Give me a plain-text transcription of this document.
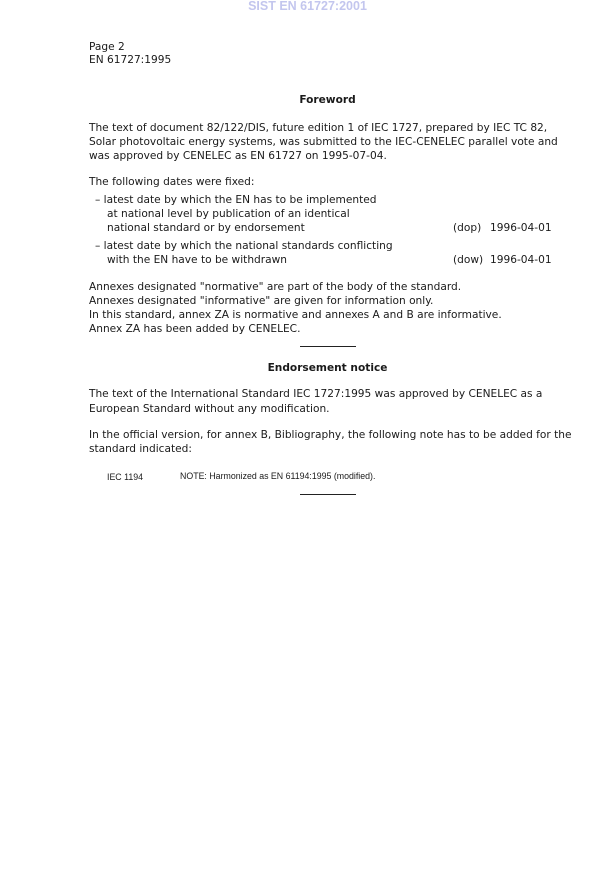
SIST EN 61727:2001
Page 2
EN 61727:1995
Foreword
The text of document 82/122/DIS, future edition 1 of IEC 1727, prepared by IEC TC 82,
Solar photovoltaic energy systems, was submitted to the IEC-CENELEC parallel vote and
was approved by CENELEC as EN 61727 on 1995-07-04.
The following dates were fixed:
– latest date by which the EN has to be implemented
at national level by publication of an identical
national standard or by endorsement	(dop) 1996-04-01
– latest date by which the national standards conflicting
with the EN have to be withdrawn	(dow) 1996-04-01
Annexes designated "normative" are part of the body of the standard.
Annexes designated "informative" are given for information only.
In this standard, annex ZA is normative and annexes A and B are informative.
Annex ZA has been added by CENELEC.
Endorsement notice
The text of the International Standard IEC 1727:1995 was approved by CENELEC as a
European Standard without any modification.
In the official version, for annex B, Bibliography, the following note has to be added for the
standard indicated:
IEC 1194	NOTE: Harmonized as EN 61194:1995 (modified).
